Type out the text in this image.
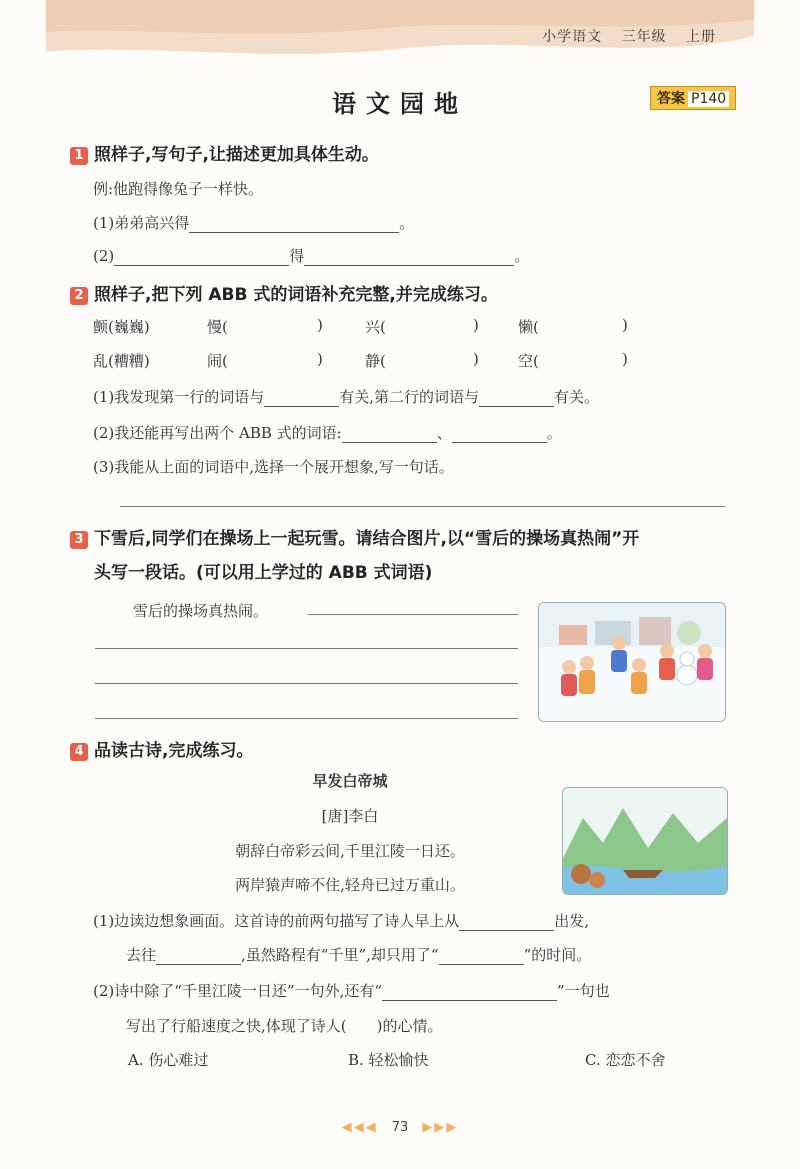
小学语文 三年级 上册
语文园地	答案 P140
1 照样子,写句子,让描述更加具体生动。
例:他跑得像兔子一样快。
(1)弟弟高兴得	。
(2)	得	。
2 照样子,把下列 ABB 式的词语补充完整,并完成练习。
颤(巍巍)	慢(	)	兴(	)	懒(	)
乱(糟糟)	闹(	)	静(	)	空(	)
(1)我发现第一行的词语与	有关,第二行的词语与	有关。
(2)我还能再写出两个 ABB 式的词语:	、	。
(3)我能从上面的词语中,选择一个展开想象,写一句话。
3 下雪后,同学们在操场上一起玩雪。请结合图片,以“雪后的操场真热闹”开
头写一段话。(可以用上学过的 ABB 式词语)
雪后的操场真热闹。
4 品读古诗,完成练习。
早发白帝城
[唐]李白
朝辞白帝彩云间,千里江陵一日还。
两岸猿声啼不住,轻舟已过万重山。
(1)边读边想象画面。这首诗的前两句描写了诗人早上从	出发,
去往	,虽然路程有“千里”,却只用了“	”的时间。
(2)诗中除了“千里江陵一日还”一句外,还有“	”一句也
写出了行船速度之快,体现了诗人( )的心情。
A. 伤心难过	B. 轻松愉快	C. 恋恋不舍
◀◀◀ 73 ▶▶▶
